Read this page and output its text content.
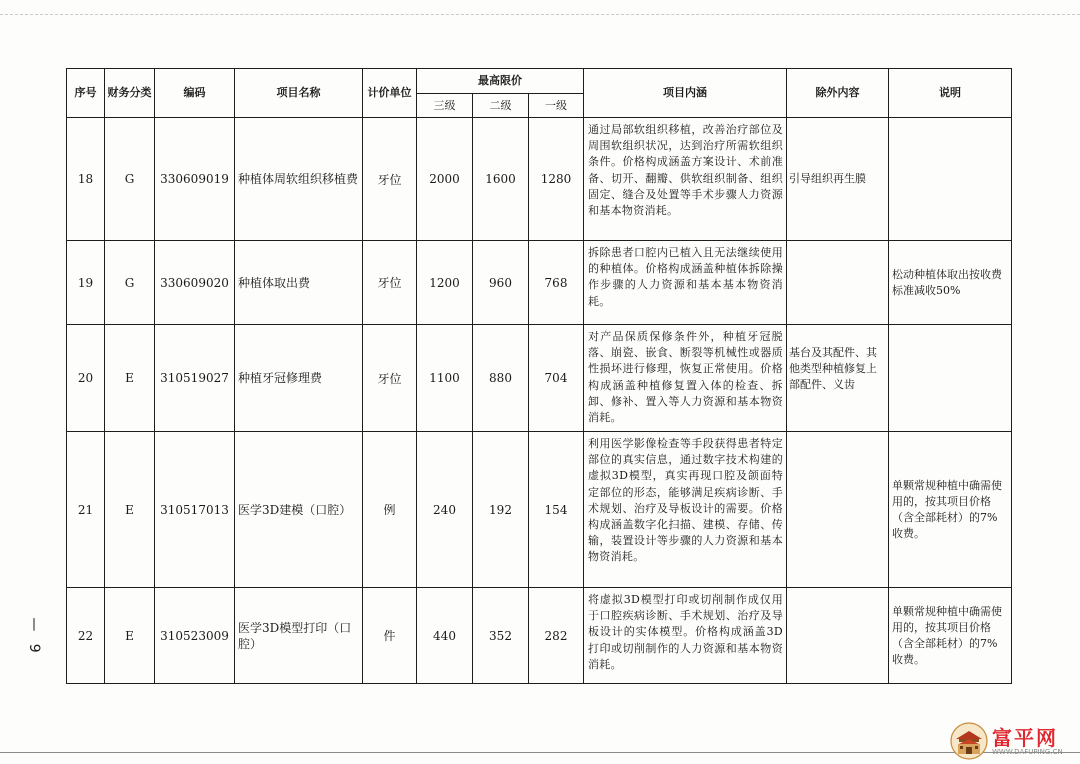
序号	财务分类	编码	项目名称	计价单位	最高限价			项目内涵	除外内容	说明
					三级	二级	一级			
18	G	330609019	种植体周软组织移植费	牙位	2000	1600	1280	通过局部软组织移植，改善治疗部位及周围软组织状况，达到治疗所需软组织条件。价格构成涵盖方案设计、术前准备、切开、翻瓣、供软组织制备、组织固定、缝合及处置等手术步骤人力资源和基本物资消耗。	引导组织再生膜	
19	G	330609020	种植体取出费	牙位	1200	960	768	拆除患者口腔内已植入且无法继续使用的种植体。价格构成涵盖种植体拆除操作步骤的人力资源和基本基本物资消耗。		松动种植体取出按收费标准减收50%
20	E	310519027	种植牙冠修理费	牙位	1100	880	704	对产品保质保修条件外，种植牙冠脱落、崩瓷、嵌食、断裂等机械性或器质性损坏进行修理，恢复正常使用。价格构成涵盖种植修复置入体的检查、拆卸、修补、置入等人力资源和基本物资消耗。	基台及其配件、其他类型种植修复上部配件、义齿	
21	E	310517013	医学3D建模（口腔）	例	240	192	154	利用医学影像检查等手段获得患者特定部位的真实信息，通过数字技术构建的虚拟3D模型，真实再现口腔及颌面特定部位的形态，能够满足疾病诊断、手术规划、治疗及导板设计的需要。价格构成涵盖数字化扫描、建模、存储、传输，装置设计等步骤的人力资源和基本物资消耗。		单颗常规种植中确需使用的，按其项目价格（含全部耗材）的7%收费。
22	E	310523009	医学3D模型打印（口腔）	件	440	352	282	将虚拟3D模型打印或切削制作成仅用于口腔疾病诊断、手术规划、治疗及导板设计的实体模型。价格构成涵盖3D打印或切削制作的人力资源和基本物资消耗。		单颗常规种植中确需使用的，按其项目价格（含全部耗材）的7%收费。
— 9
富平网
WWW.DAFUPING.CN
